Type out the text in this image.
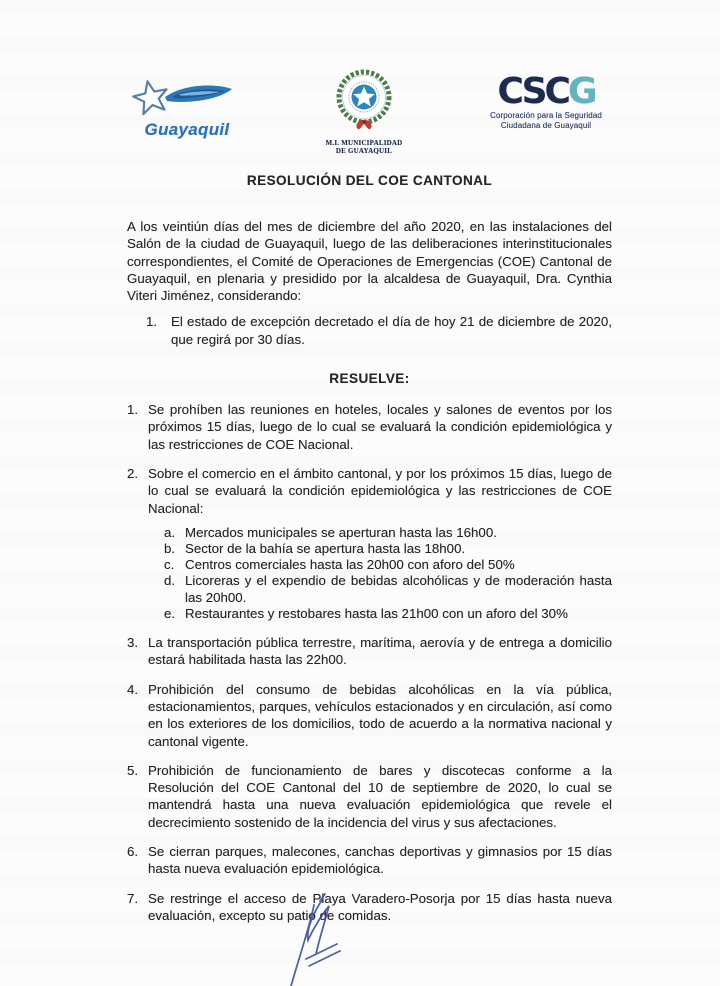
Guayaquil
M.I. MUNICIPALIDAD
DE GUAYAQUIL
CSCG
Corporación para la Seguridad
Ciudadana de Guayaquil
RESOLUCIÓN DEL COE CANTONAL

A los veintiún días del mes de diciembre del año 2020, en las instalaciones del Salón de la ciudad de Guayaquil, luego de las deliberaciones interinstitucionales correspondientes, el Comité de Operaciones de Emergencias (COE) Cantonal de Guayaquil, en plenaria y presidido por la alcaldesa de Guayaquil, Dra. Cynthia Viteri Jiménez, considerando:

1.	El estado de excepción decretado el día de hoy 21 de diciembre de 2020, que regirá por 30 días.
RESUELVE:
1. Se prohíben las reuniones en hoteles, locales y salones de eventos por los próximos 15 días, luego de lo cual se evaluará la condición epidemiológica y las restricciones de COE Nacional.
2. Sobre el comercio en el ámbito cantonal, y por los próximos 15 días, luego de lo cual se evaluará la condición epidemiológica y las restricciones de COE Nacional:
a. Mercados municipales se aperturan hasta las 16h00.
b. Sector de la bahía se apertura hasta las 18h00.
c. Centros comerciales hasta las 20h00 con aforo del 50%
d. Licoreras y el expendio de bebidas alcohólicas y de moderación hasta las 20h00.
e. Restaurantes y restobares hasta las 21h00 con un aforo del 30%
3. La transportación pública terrestre, marítima, aerovía y de entrega a domicilio estará habilitada hasta las 22h00.
4. Prohibición del consumo de bebidas alcohólicas en la vía pública, estacionamientos, parques, vehículos estacionados y en circulación, así como en los exteriores de los domicilios, todo de acuerdo a la normativa nacional y cantonal vigente.
5. Prohibición de funcionamiento de bares y discotecas conforme a la Resolución del COE Cantonal del 10 de septiembre de 2020, lo cual se mantendrá hasta una nueva evaluación epidemiológica que revele el decrecimiento sostenido de la incidencia del virus y sus afectaciones.
6. Se cierran parques, malecones, canchas deportivas y gimnasios por 15 días hasta nueva evaluación epidemiológica.
7. Se restringe el acceso de Playa Varadero-Posorja por 15 días hasta nueva evaluación, excepto su patio de comidas.
